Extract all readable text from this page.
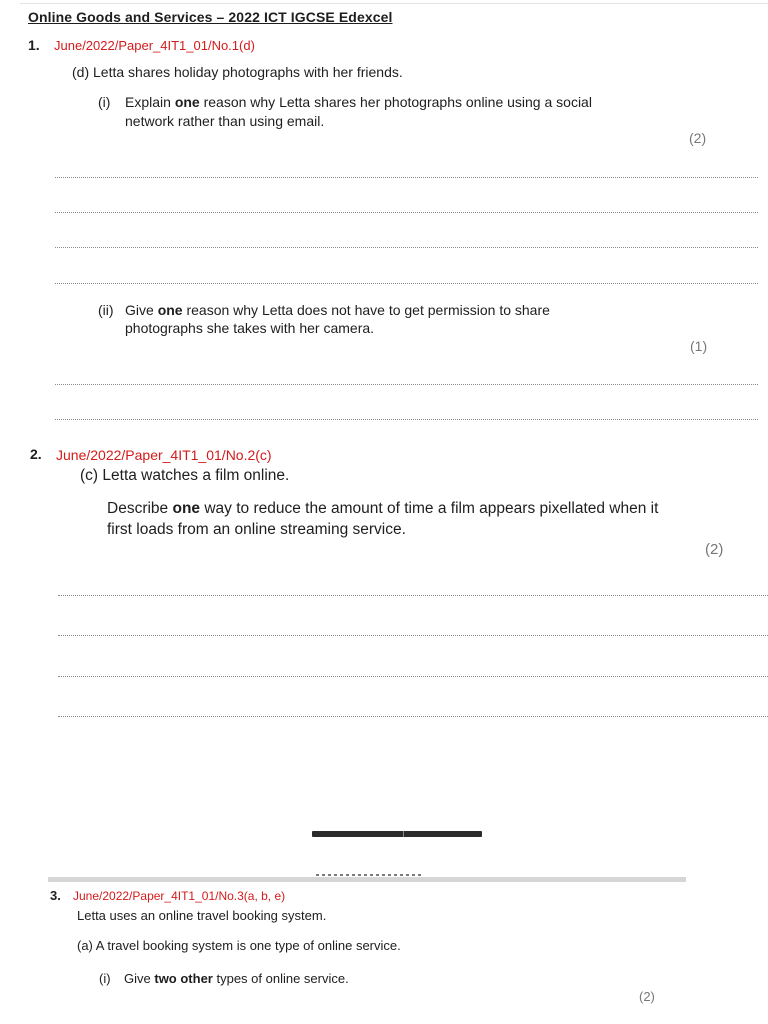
Online Goods and Services – 2022 ICT IGCSE Edexcel
1. June/2022/Paper_4IT1_01/No.1(d)
(d) Letta shares holiday photographs with her friends.
(i) Explain one reason why Letta shares her photographs online using a social
network rather than using email.
(2)
(ii) Give one reason why Letta does not have to get permission to share
photographs she takes with her camera.
(1)
2. June/2022/Paper_4IT1_01/No.2(c)
(c) Letta watches a film online.
Describe one way to reduce the amount of time a film appears pixellated when it
first loads from an online streaming service.
(2)
3. June/2022/Paper_4IT1_01/No.3(a, b, e)
Letta uses an online travel booking system.
(a) A travel booking system is one type of online service.
(i) Give two other types of online service.
(2)
